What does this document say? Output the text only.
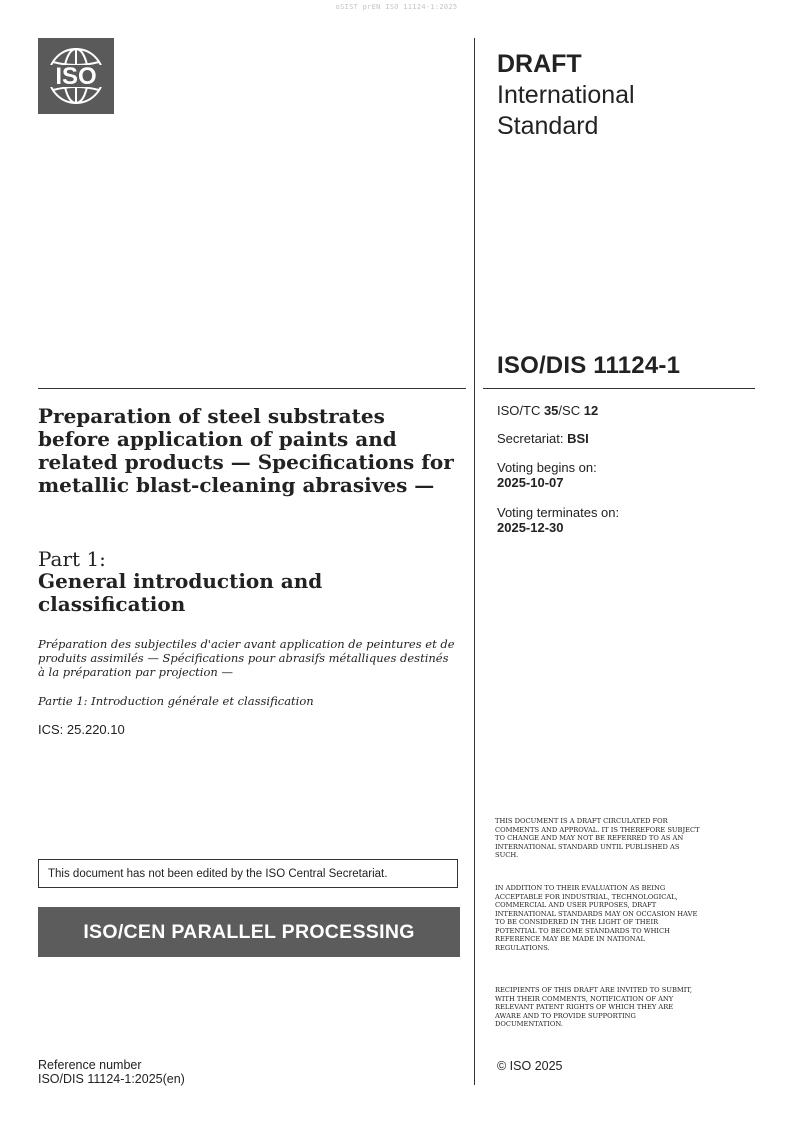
oSIST prEN ISO 11124-1:2025
ISO	DRAFT
International
Standard
ISO/DIS 11124-1
ISO/TC 35/SC 12
Secretariat: BSI
Voting begins on:
2025-10-07
Voting terminates on:
2025-12-30
Preparation of steel substrates before application of paints and related products — Specifications for metallic blast-cleaning abrasives —
Part 1:
General introduction and classification
Préparation des subjectiles d'acier avant application de peintures et de produits assimilés — Spécifications pour abrasifs métalliques destinés à la préparation par projection —
Partie 1: Introduction générale et classification
ICS: 25.220.10
This document has not been edited by the ISO Central Secretariat.
ISO/CEN PARALLEL PROCESSING
Reference number
ISO/DIS 11124-1:2025(en)
THIS DOCUMENT IS A DRAFT CIRCULATED FOR COMMENTS AND APPROVAL. IT IS THEREFORE SUBJECT TO CHANGE AND MAY NOT BE REFERRED TO AS AN INTERNATIONAL STANDARD UNTIL PUBLISHED AS SUCH.
IN ADDITION TO THEIR EVALUATION AS BEING ACCEPTABLE FOR INDUSTRIAL, TECHNOLOGICAL, COMMERCIAL AND USER PURPOSES, DRAFT INTERNATIONAL STANDARDS MAY ON OCCASION HAVE TO BE CONSIDERED IN THE LIGHT OF THEIR POTENTIAL TO BECOME STANDARDS TO WHICH REFERENCE MAY BE MADE IN NATIONAL REGULATIONS.
RECIPIENTS OF THIS DRAFT ARE INVITED TO SUBMIT, WITH THEIR COMMENTS, NOTIFICATION OF ANY RELEVANT PATENT RIGHTS OF WHICH THEY ARE AWARE AND TO PROVIDE SUPPORTING DOCUMENTATION.
© ISO 2025
